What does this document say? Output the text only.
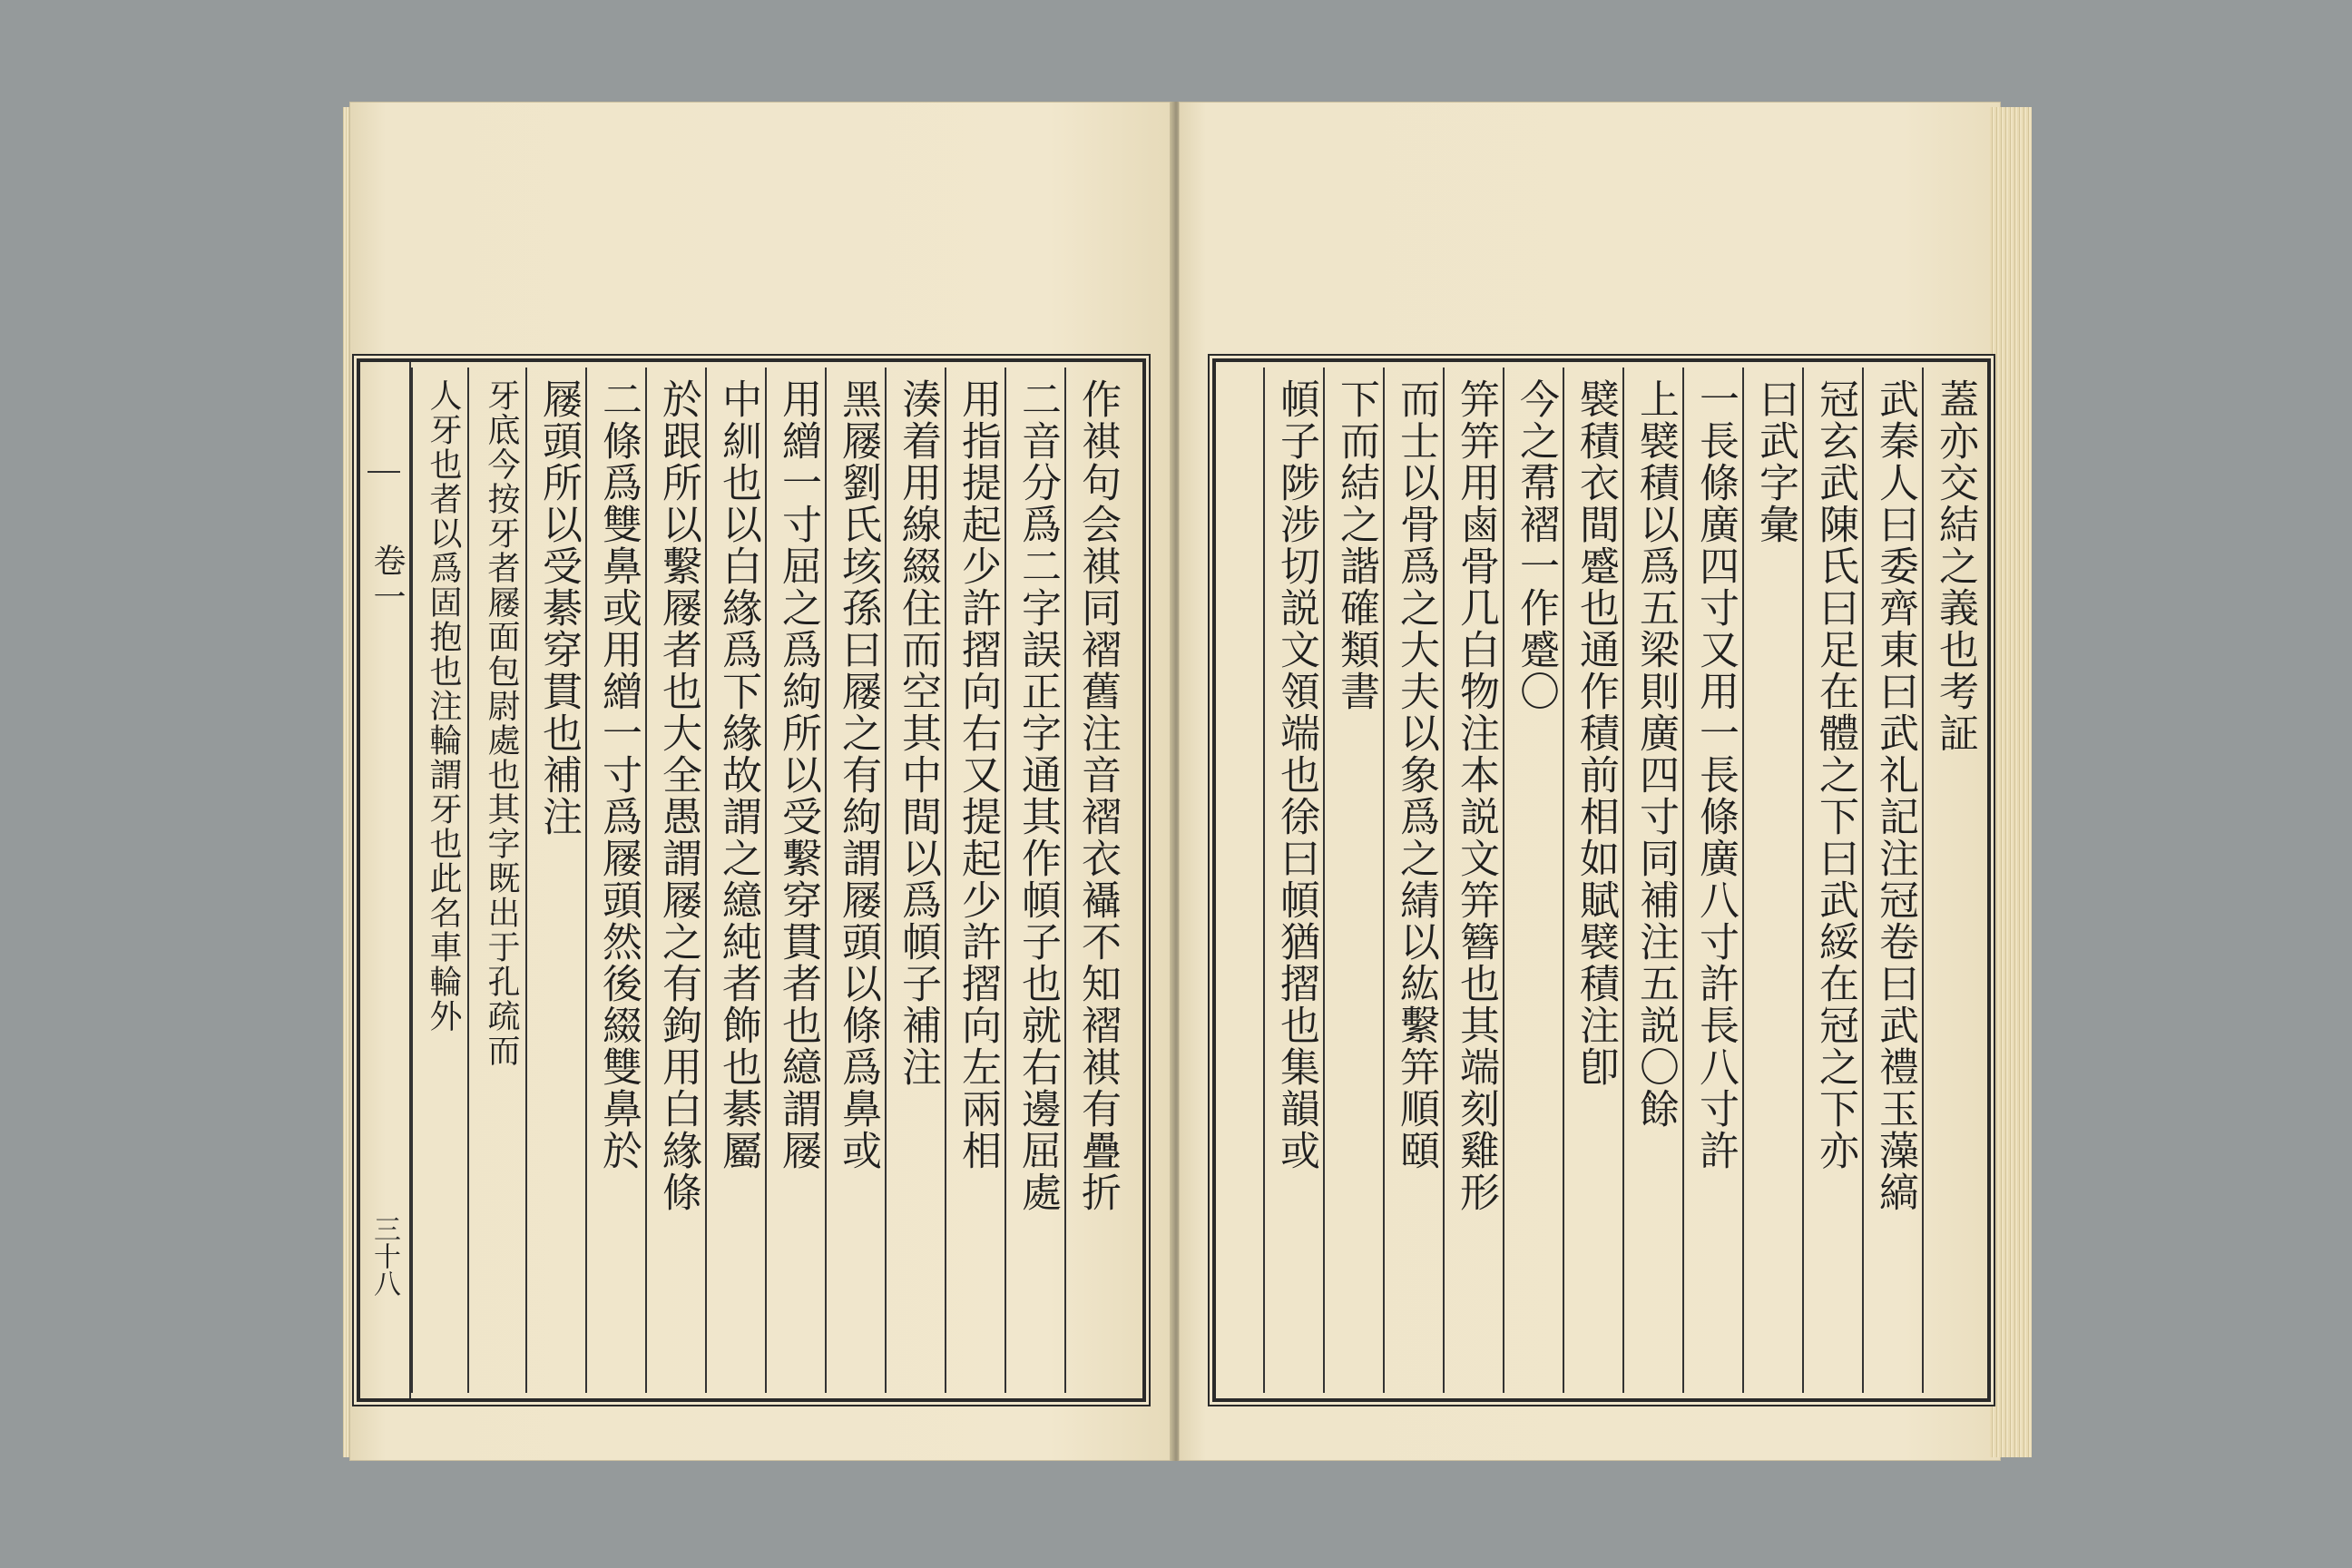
作褀句会褀同褶舊注音褶衣襵不知褶褀有疊折
二音分爲二字誤正字通其作幁子也就右邊屈處
用指提起少許摺向右又提起少許摺向左兩相
湊着用線綴住而空其中間以爲幁子補注
黑屦劉氏垓孫曰屦之有絇謂屦頭以條爲鼻或
用繒一寸屈之爲絇所以受繫穿貫者也繶謂屦
中紃也以白緣爲下緣故謂之繶純者飾也綦屬
於跟所以繫屦者也大全愚謂屦之有鉤用白緣條
二條爲雙鼻或用繒一寸爲屦頭然後綴雙鼻於
屦頭所以受綦穿貫也補注
牙底今按牙者屦面包尉處也其字既出于孔疏而
人牙也者以爲固抱也注輪謂牙也此名車輪外
卷一
三十八
蓋亦交結之義也考証
武秦人曰委齊東曰武礼記注冠卷曰武禮玉藻縞
冠玄武陳氏曰足在體之下曰武綏在冠之下亦
曰武字彙
一長條廣四寸又用一長條廣八寸許長八寸許
上襞積以爲五梁則廣四寸同補注五説〇餘
襞積衣間蹙也通作積前相如賦襞積注卽
今之帬褶一作蹙〇
笄笄用鹵骨几白物注本説文笄簪也其端刻雞形
而士以骨爲之大夫以象爲之綪以紘繫笄順頤
下而結之諧確類書
幁子陟涉切説文領端也徐曰幁猶摺也集韻或
